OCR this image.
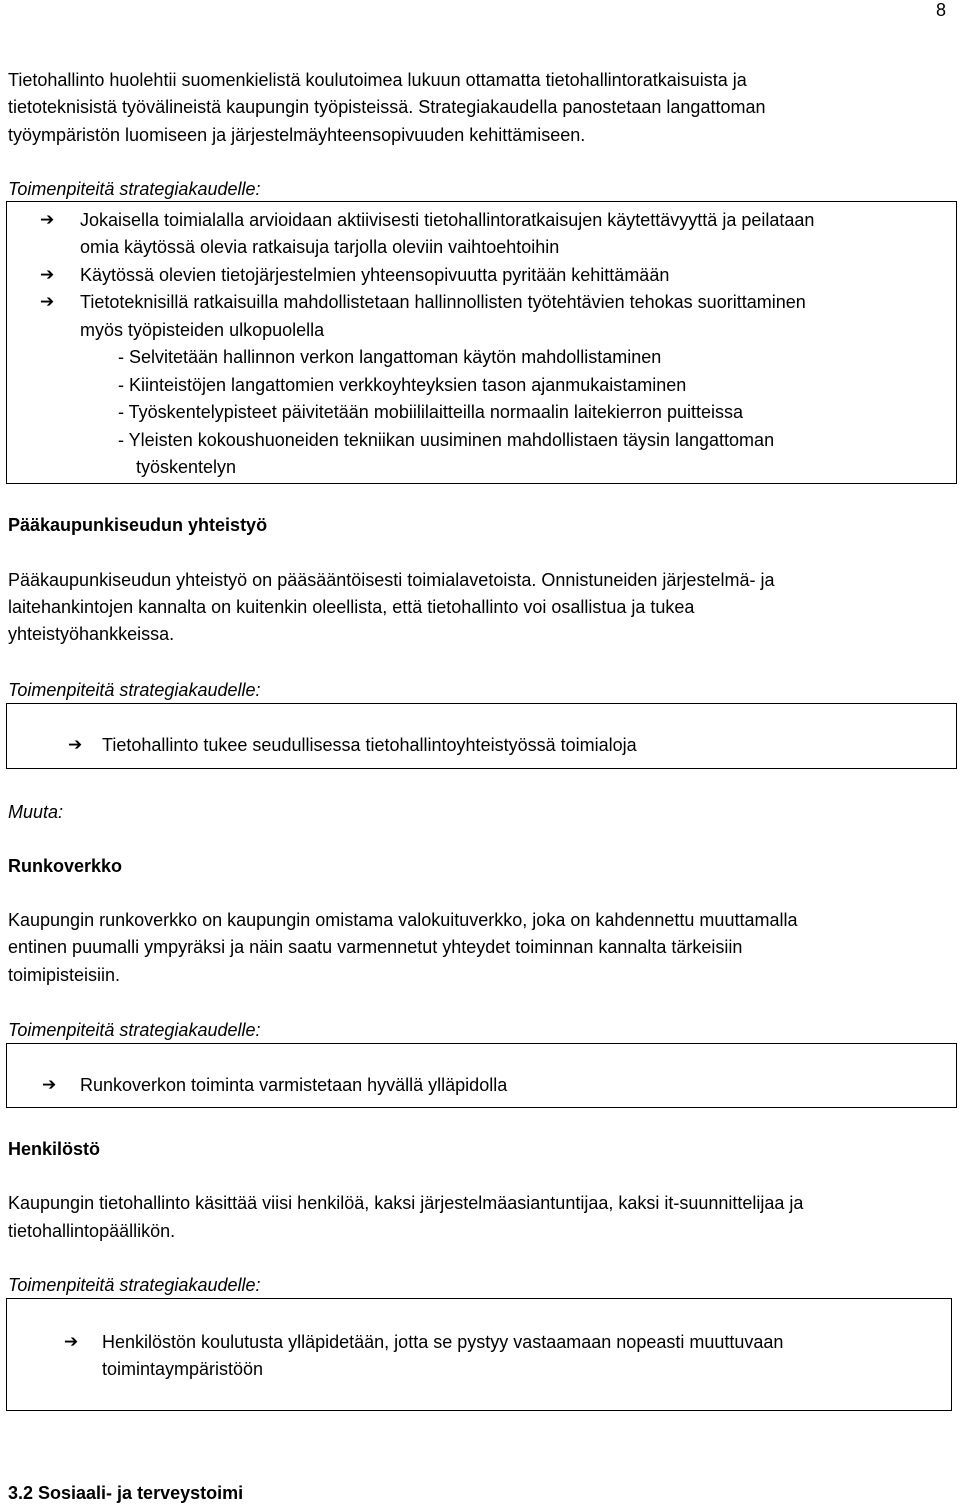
8
Tietohallinto huolehtii suomenkielistä koulutoimea lukuun ottamatta tietohallintoratkaisuista ja
tietoteknisistä työvälineistä kaupungin työpisteissä. Strategiakaudella panostetaan langattoman
työympäristön luomiseen ja järjestelmäyhteensopivuuden kehittämiseen.
Toimenpiteitä strategiakaudelle:
➔ Jokaisella toimialalla arvioidaan aktiivisesti tietohallintoratkaisujen käytettävyyttä ja peilataan
omia käytössä olevia ratkaisuja tarjolla oleviin vaihtoehtoihin
➔ Käytössä olevien tietojärjestelmien yhteensopivuutta pyritään kehittämään
➔ Tietoteknisillä ratkaisuilla mahdollistetaan hallinnollisten työtehtävien tehokas suorittaminen
myös työpisteiden ulkopuolella
- Selvitetään hallinnon verkon langattoman käytön mahdollistaminen
- Kiinteistöjen langattomien verkkoyhteyksien tason ajanmukaistaminen
- Työskentelypisteet päivitetään mobiililaitteilla normaalin laitekierron puitteissa
- Yleisten kokoushuoneiden tekniikan uusiminen mahdollistaen täysin langattoman
työskentelyn
Pääkaupunkiseudun yhteistyö
Pääkaupunkiseudun yhteistyö on pääsääntöisesti toimialavetoista. Onnistuneiden järjestelmä- ja
laitehankintojen kannalta on kuitenkin oleellista, että tietohallinto voi osallistua ja tukea
yhteistyöhankkeissa.
Toimenpiteitä strategiakaudelle:
➔ Tietohallinto tukee seudullisessa tietohallintoyhteistyössä toimialoja
Muuta:
Runkoverkko
Kaupungin runkoverkko on kaupungin omistama valokuituverkko, joka on kahdennettu muuttamalla
entinen puumalli ympyräksi ja näin saatu varmennetut yhteydet toiminnan kannalta tärkeisiin
toimipisteisiin.
Toimenpiteitä strategiakaudelle:
➔ Runkoverkon toiminta varmistetaan hyvällä ylläpidolla
Henkilöstö
Kaupungin tietohallinto käsittää viisi henkilöä, kaksi järjestelmäasiantuntijaa, kaksi it-suunnittelijaa ja
tietohallintopäällikön.
Toimenpiteitä strategiakaudelle:
➔ Henkilöstön koulutusta ylläpidetään, jotta se pystyy vastaamaan nopeasti muuttuvaan
toimintaympäristöön
3.2 Sosiaali- ja terveystoimi
